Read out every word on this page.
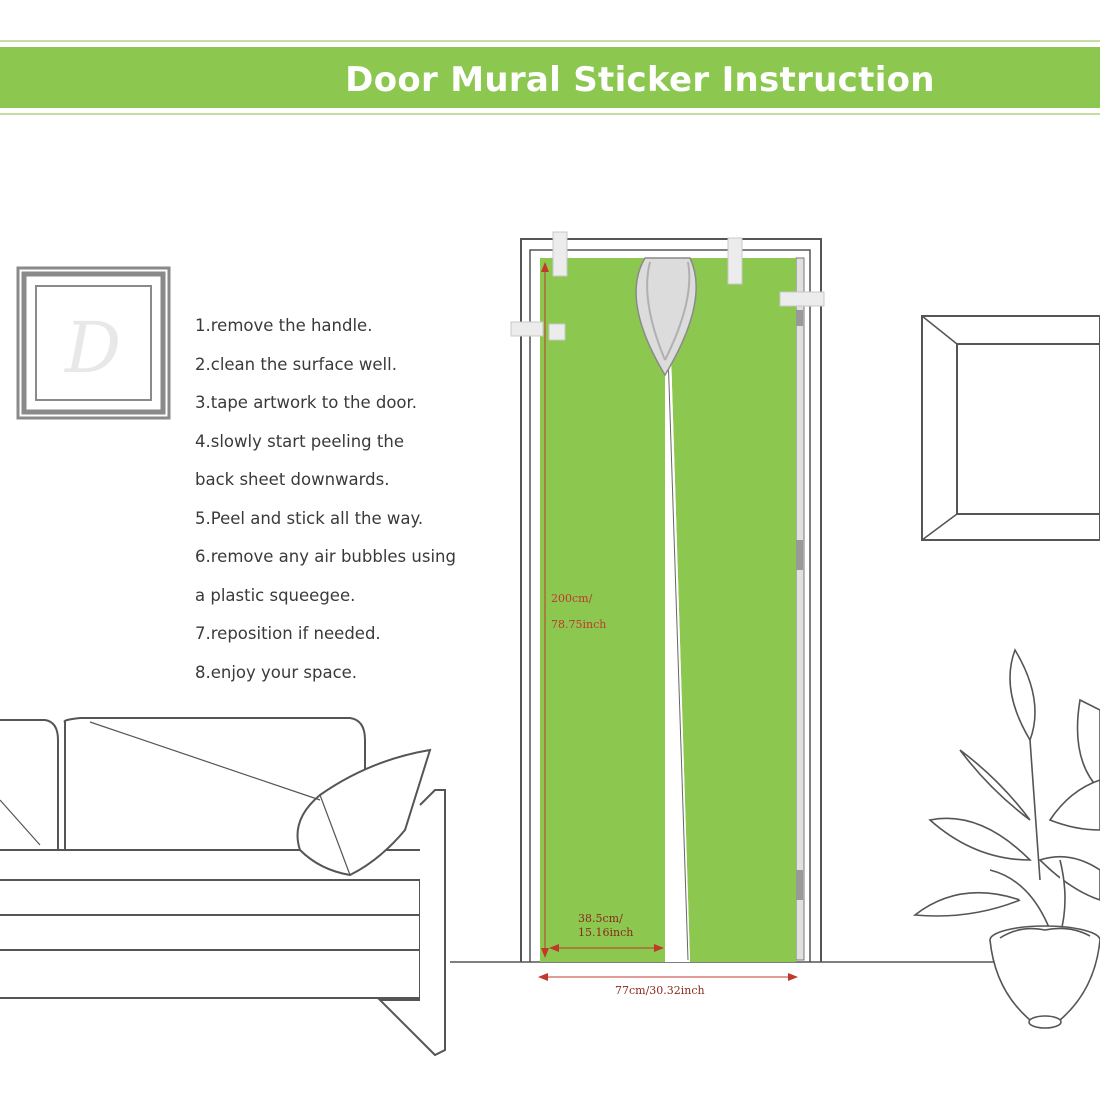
Door Mural Sticker Instruction
D	1.remove the handle.
2.clean the surface well.
3.tape artwork to the door.
4.slowly start peeling the
back sheet downwards.
5.Peel and stick all the way.
6.remove any air bubbles using
a plastic squeegee.
7.reposition if needed.
8.enjoy your space.
200cm/
78.75inch
38.5cm/
15.16inch
77cm/30.32inch
